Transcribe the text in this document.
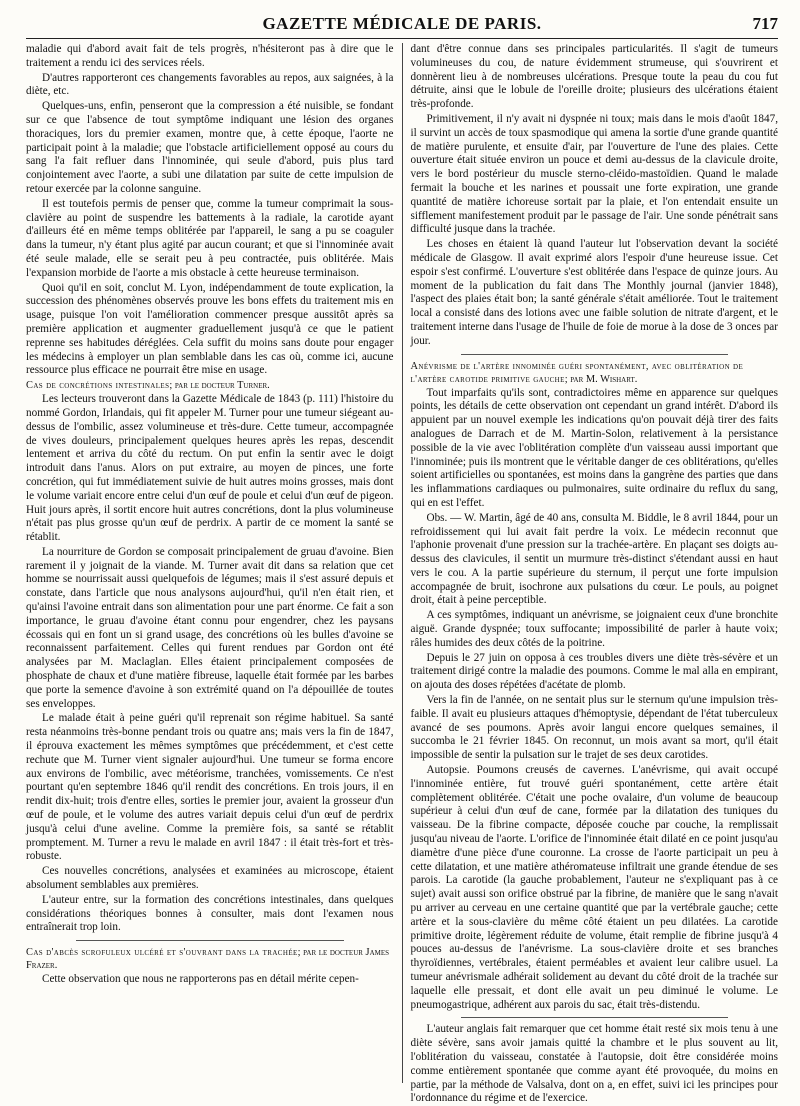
GAZETTE MÉDICALE DE PARIS.	717

maladie qui d'abord avait fait de tels progrès, n'hésiteront pas à dire que le traitement a rendu ici des services réels.

D'autres rapporteront ces changements favorables au repos, aux saignées, à la diète, etc.

Quelques-uns, enfin, penseront que la compression a été nuisible, se fondant sur ce que l'absence de tout symptôme indiquant une lésion des organes thoraciques, lors du premier examen, montre que, à cette époque, l'aorte ne participait point à la maladie; que l'obstacle artificiellement opposé au cours du sang l'a fait refluer dans l'innominée, qui seule d'abord, puis plus tard conjointement avec l'aorte, a subi une dilatation par suite de cette impulsion de retour exercée par la colonne sanguine.

Il est toutefois permis de penser que, comme la tumeur comprimait la sous-clavière au point de suspendre les battements à la radiale, la carotide ayant d'ailleurs été en même temps oblitérée par l'appareil, le sang a pu se coaguler dans la tumeur, n'y étant plus agité par aucun courant; et que si l'innominée avait été seule malade, elle se serait peu à peu contractée, puis oblitérée. Mais l'expansion morbide de l'aorte a mis obstacle à cette heureuse terminaison.

Quoi qu'il en soit, conclut M. Lyon, indépendamment de toute explication, la succession des phénomènes observés prouve les bons effets du traitement mis en usage, puisque l'on voit l'amélioration commencer presque aussitôt après sa première application et augmenter graduellement jusqu'à ce que le patient reprenne ses habitudes déréglées. Cela suffit du moins sans doute pour engager les médecins à employer un plan semblable dans les cas où, comme ici, aucune ressource plus efficace ne pourrait être mise en usage.

Cas de concrétions intestinales; par le docteur Turner.

Les lecteurs trouveront dans la Gazette Médicale de 1843 (p. 111) l'histoire du nommé Gordon, Irlandais, qui fit appeler M. Turner pour une tumeur siégeant au-dessus de l'ombilic, assez volumineuse et très-dure. Cette tumeur, accompagnée de vives douleurs, principalement quelques heures après les repas, descendit lentement et arriva du côté du rectum. On put enfin la sentir avec le doigt introduit dans l'anus. Alors on put extraire, au moyen de pinces, une forte concrétion, qui fut immédiatement suivie de huit autres moins grosses, mais dont le volume variait encore entre celui d'un œuf de poule et celui d'un œuf de pigeon. Huit jours après, il sortit encore huit autres concrétions, dont la plus volumineuse n'était pas plus grosse qu'un œuf de perdrix. A partir de ce moment la santé se rétablit.

La nourriture de Gordon se composait principalement de gruau d'avoine. Bien rarement il y joignait de la viande. M. Turner avait dit dans sa relation que cet homme se nourrissait aussi quelquefois de légumes; mais il s'est assuré depuis et constate, dans l'article que nous analysons aujourd'hui, qu'il n'en était rien, et qu'ainsi l'avoine entrait dans son alimentation pour une part énorme. Ce fait a son importance, le gruau d'avoine étant connu pour engendrer, chez les paysans écossais qui en font un si grand usage, des concrétions où les bulles d'avoine se reconnaissent parfaitement. Celles qui furent rendues par Gordon ont été analysées par M. Maclaglan. Elles étaient principalement composées de phosphate de chaux et d'une matière fibreuse, laquelle était formée par les barbes que porte la semence d'avoine à son extrémité quand on l'a dépouillée de toutes ses enveloppes.

Le malade était à peine guéri qu'il reprenait son régime habituel. Sa santé resta néanmoins très-bonne pendant trois ou quatre ans; mais vers la fin de 1847, il éprouva exactement les mêmes symptômes que précédemment, et c'est cette rechute que M. Turner vient signaler aujourd'hui. Une tumeur se forma encore aux environs de l'ombilic, avec météorisme, tranchées, vomissements. Ce n'est pourtant qu'en septembre 1846 qu'il rendit des concrétions. En trois jours, il en rendit dix-huit; trois d'entre elles, sorties le premier jour, avaient la grosseur d'un œuf de poule, et le volume des autres variait depuis celui d'un œuf de perdrix jusqu'à celui d'une aveline. Comme la première fois, sa santé se rétablit promptement. M. Turner a revu le malade en avril 1847 : il était très-fort et très-robuste.

Ces nouvelles concrétions, analysées et examinées au microscope, étaient absolument semblables aux premières.

L'auteur entre, sur la formation des concrétions intestinales, dans quelques considérations théoriques bonnes à consulter, mais dont l'examen nous entraînerait trop loin.

Cas d'abcès scrofuleux ulcéré et s'ouvrant dans la trachée; par le docteur James Frazer.

Cette observation que nous ne rapporterons pas en détail mérite cepen-

dant d'être connue dans ses principales particularités. Il s'agit de tumeurs volumineuses du cou, de nature évidemment strumeuse, qui s'ouvrirent et donnèrent lieu à de nombreuses ulcérations. Presque toute la peau du cou fut détruite, ainsi que le lobule de l'oreille droite; plusieurs des ulcérations étaient très-profonde.

Primitivement, il n'y avait ni dyspnée ni toux; mais dans le mois d'août 1847, il survint un accès de toux spasmodique qui amena la sortie d'une grande quantité de matière purulente, et ensuite d'air, par l'ouverture de l'une des plaies. Cette ouverture était située environ un pouce et demi au-dessus de la clavicule droite, vers le bord postérieur du muscle sterno-cléido-mastoïdien. Quand le malade fermait la bouche et les narines et poussait une forte expiration, une grande quantité de matière ichoreuse sortait par la plaie, et l'on entendait ensuite un sifflement manifestement produit par le passage de l'air. Une sonde pénétrait sans difficulté jusque dans la trachée.

Les choses en étaient là quand l'auteur lut l'observation devant la société médicale de Glasgow. Il avait exprimé alors l'espoir d'une heureuse issue. Cet espoir s'est confirmé. L'ouverture s'est oblitérée dans l'espace de quinze jours. Au moment de la publication du fait dans The Monthly journal (janvier 1848), l'aspect des plaies était bon; la santé générale s'était améliorée. Tout le traitement local a consisté dans des lotions avec une faible solution de nitrate d'argent, et le traitement interne dans l'usage de l'huile de foie de morue à la dose de 3 onces par jour.

Anévrisme de l'artère innominée guéri spontanément, avec oblitération de l'artère carotide primitive gauche; par M. Wishart.

Tout imparfaits qu'ils sont, contradictoires même en apparence sur quelques points, les détails de cette observation ont cependant un grand intérêt. D'abord ils appuient par un nouvel exemple les indications qu'on pouvait déjà tirer des faits analogues de Darrach et de M. Martin-Solon, relativement à la persistance possible de la vie avec l'oblitération complète d'un vaisseau aussi important que l'innominée; puis ils montrent que le véritable danger de ces oblitérations, qu'elles soient artificielles ou spontanées, est moins dans la gangrène des parties que dans les inflammations cardiaques ou pulmonaires, suite ordinaire du reflux du sang, qui en est l'effet.

Obs. — W. Martin, âgé de 40 ans, consulta M. Biddle, le 8 avril 1844, pour un refroidissement qui lui avait fait perdre la voix. Le médecin reconnut que l'aphonie provenait d'une pression sur la trachée-artère. En plaçant ses doigts au-dessus des clavicules, il sentit un murmure très-distinct s'étendant aussi en haut vers le cou. A la partie supérieure du sternum, il perçut une forte impulsion accompagnée de bruit, isochrone aux pulsations du cœur. Le pouls, au poignet droit, était à peine perceptible.

A ces symptômes, indiquant un anévrisme, se joignaient ceux d'une bronchite aiguë. Grande dyspnée; toux suffocante; impossibilité de parler à haute voix; râles humides des deux côtés de la poitrine.

Depuis le 27 juin on opposa à ces troubles divers une diète très-sévère et un traitement dirigé contre la maladie des poumons. Comme le mal alla en empirant, on ajouta des doses répétées d'acétate de plomb.

Vers la fin de l'année, on ne sentait plus sur le sternum qu'une impulsion très-faible. Il avait eu plusieurs attaques d'hémoptysie, dépendant de l'état tuberculeux avancé de ses poumons. Après avoir langui encore quelques semaines, il succomba le 21 février 1845. On reconnut, un mois avant sa mort, qu'il était impossible de sentir la pulsation sur le trajet de ses deux carotides.

Autopsie. Poumons creusés de cavernes. L'anévrisme, qui avait occupé l'innominée entière, fut trouvé guéri spontanément, cette artère était complètement oblitérée. C'était une poche ovalaire, d'un volume de beaucoup supérieur à celui d'un œuf de cane, formée par la dilatation des tuniques du vaisseau. De la fibrine compacte, déposée couche par couche, la remplissait jusqu'au niveau de l'aorte. L'orifice de l'innominée était dilaté en ce point jusqu'au diamètre d'une pièce d'une couronne. La crosse de l'aorte participait un peu à cette dilatation, et une matière athéromateuse infiltrait une grande étendue de ses parois. La carotide (la gauche probablement, l'auteur ne s'expliquant pas à ce sujet) avait aussi son orifice obstrué par la fibrine, de manière que le sang n'avait pu arriver au cerveau en une certaine quantité que par la vertébrale gauche; cette artère et la sous-clavière du même côté étaient un peu dilatées. La carotide primitive droite, légèrement réduite de volume, était remplie de fibrine jusqu'à 4 pouces au-dessus de l'anévrisme. La sous-clavière droite et ses branches thyroïdiennes, vertébrales, étaient perméables et avaient leur calibre usuel. La tumeur anévrismale adhérait solidement au devant du côté droit de la trachée sur laquelle elle pressait, et dont elle avait un peu diminué le volume. Le pneumogastrique, adhérent aux parois du sac, était très-distendu.

L'auteur anglais fait remarquer que cet homme était resté six mois tenu à une diète sévère, sans avoir jamais quitté la chambre et le plus souvent au lit, l'oblitération du vaisseau, constatée à l'autopsie, doit être considérée moins comme entièrement spontanée que comme ayant été provoquée, du moins en partie, par la méthode de Valsalva, dont on a, en effet, suivi ici les principes pour l'ordonnance du régime et de l'exercice.
